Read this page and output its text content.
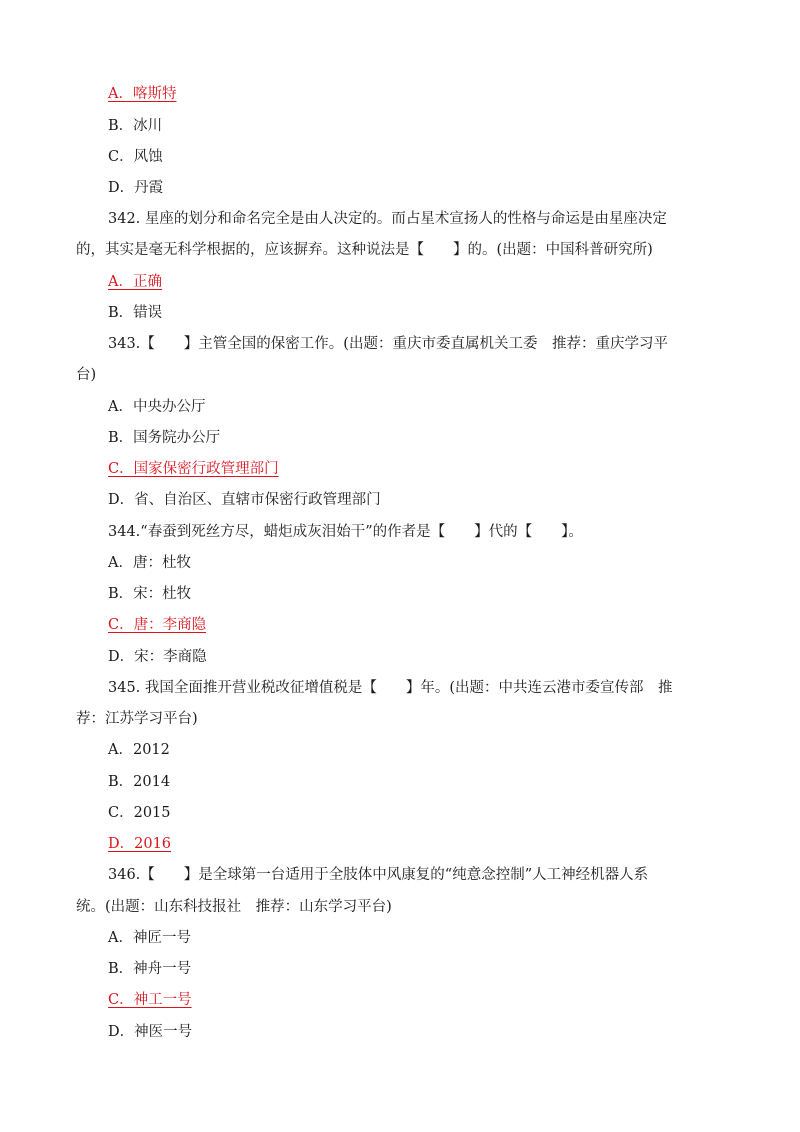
A．喀斯特
B．冰川
C．风蚀
D．丹霞
342. 星座的划分和命名完全是由人决定的。而占星术宣扬人的性格与命运是由星座决定
的，其实是毫无科学根据的，应该摒弃。这种说法是【　　】的。(出题：中国科普研究所)
A．正确
B．错误
343.【　　】主管全国的保密工作。(出题：重庆市委直属机关工委　推荐：重庆学习平
台)
A．中央办公厅
B．国务院办公厅
C．国家保密行政管理部门
D．省、自治区、直辖市保密行政管理部门
344.“春蚕到死丝方尽，蜡炬成灰泪始干”的作者是【　　】代的【　　】。
A．唐：杜牧
B．宋：杜牧
C．唐：李商隐
D．宋：李商隐
345. 我国全面推开营业税改征增值税是【　　】年。(出题：中共连云港市委宣传部　推
荐：江苏学习平台)
A．2012
B．2014
C．2015
D．2016
346.【　　】是全球第一台适用于全肢体中风康复的“纯意念控制”人工神经机器人系
统。(出题：山东科技报社　推荐：山东学习平台)
A．神匠一号
B．神舟一号
C．神工一号
D．神医一号
